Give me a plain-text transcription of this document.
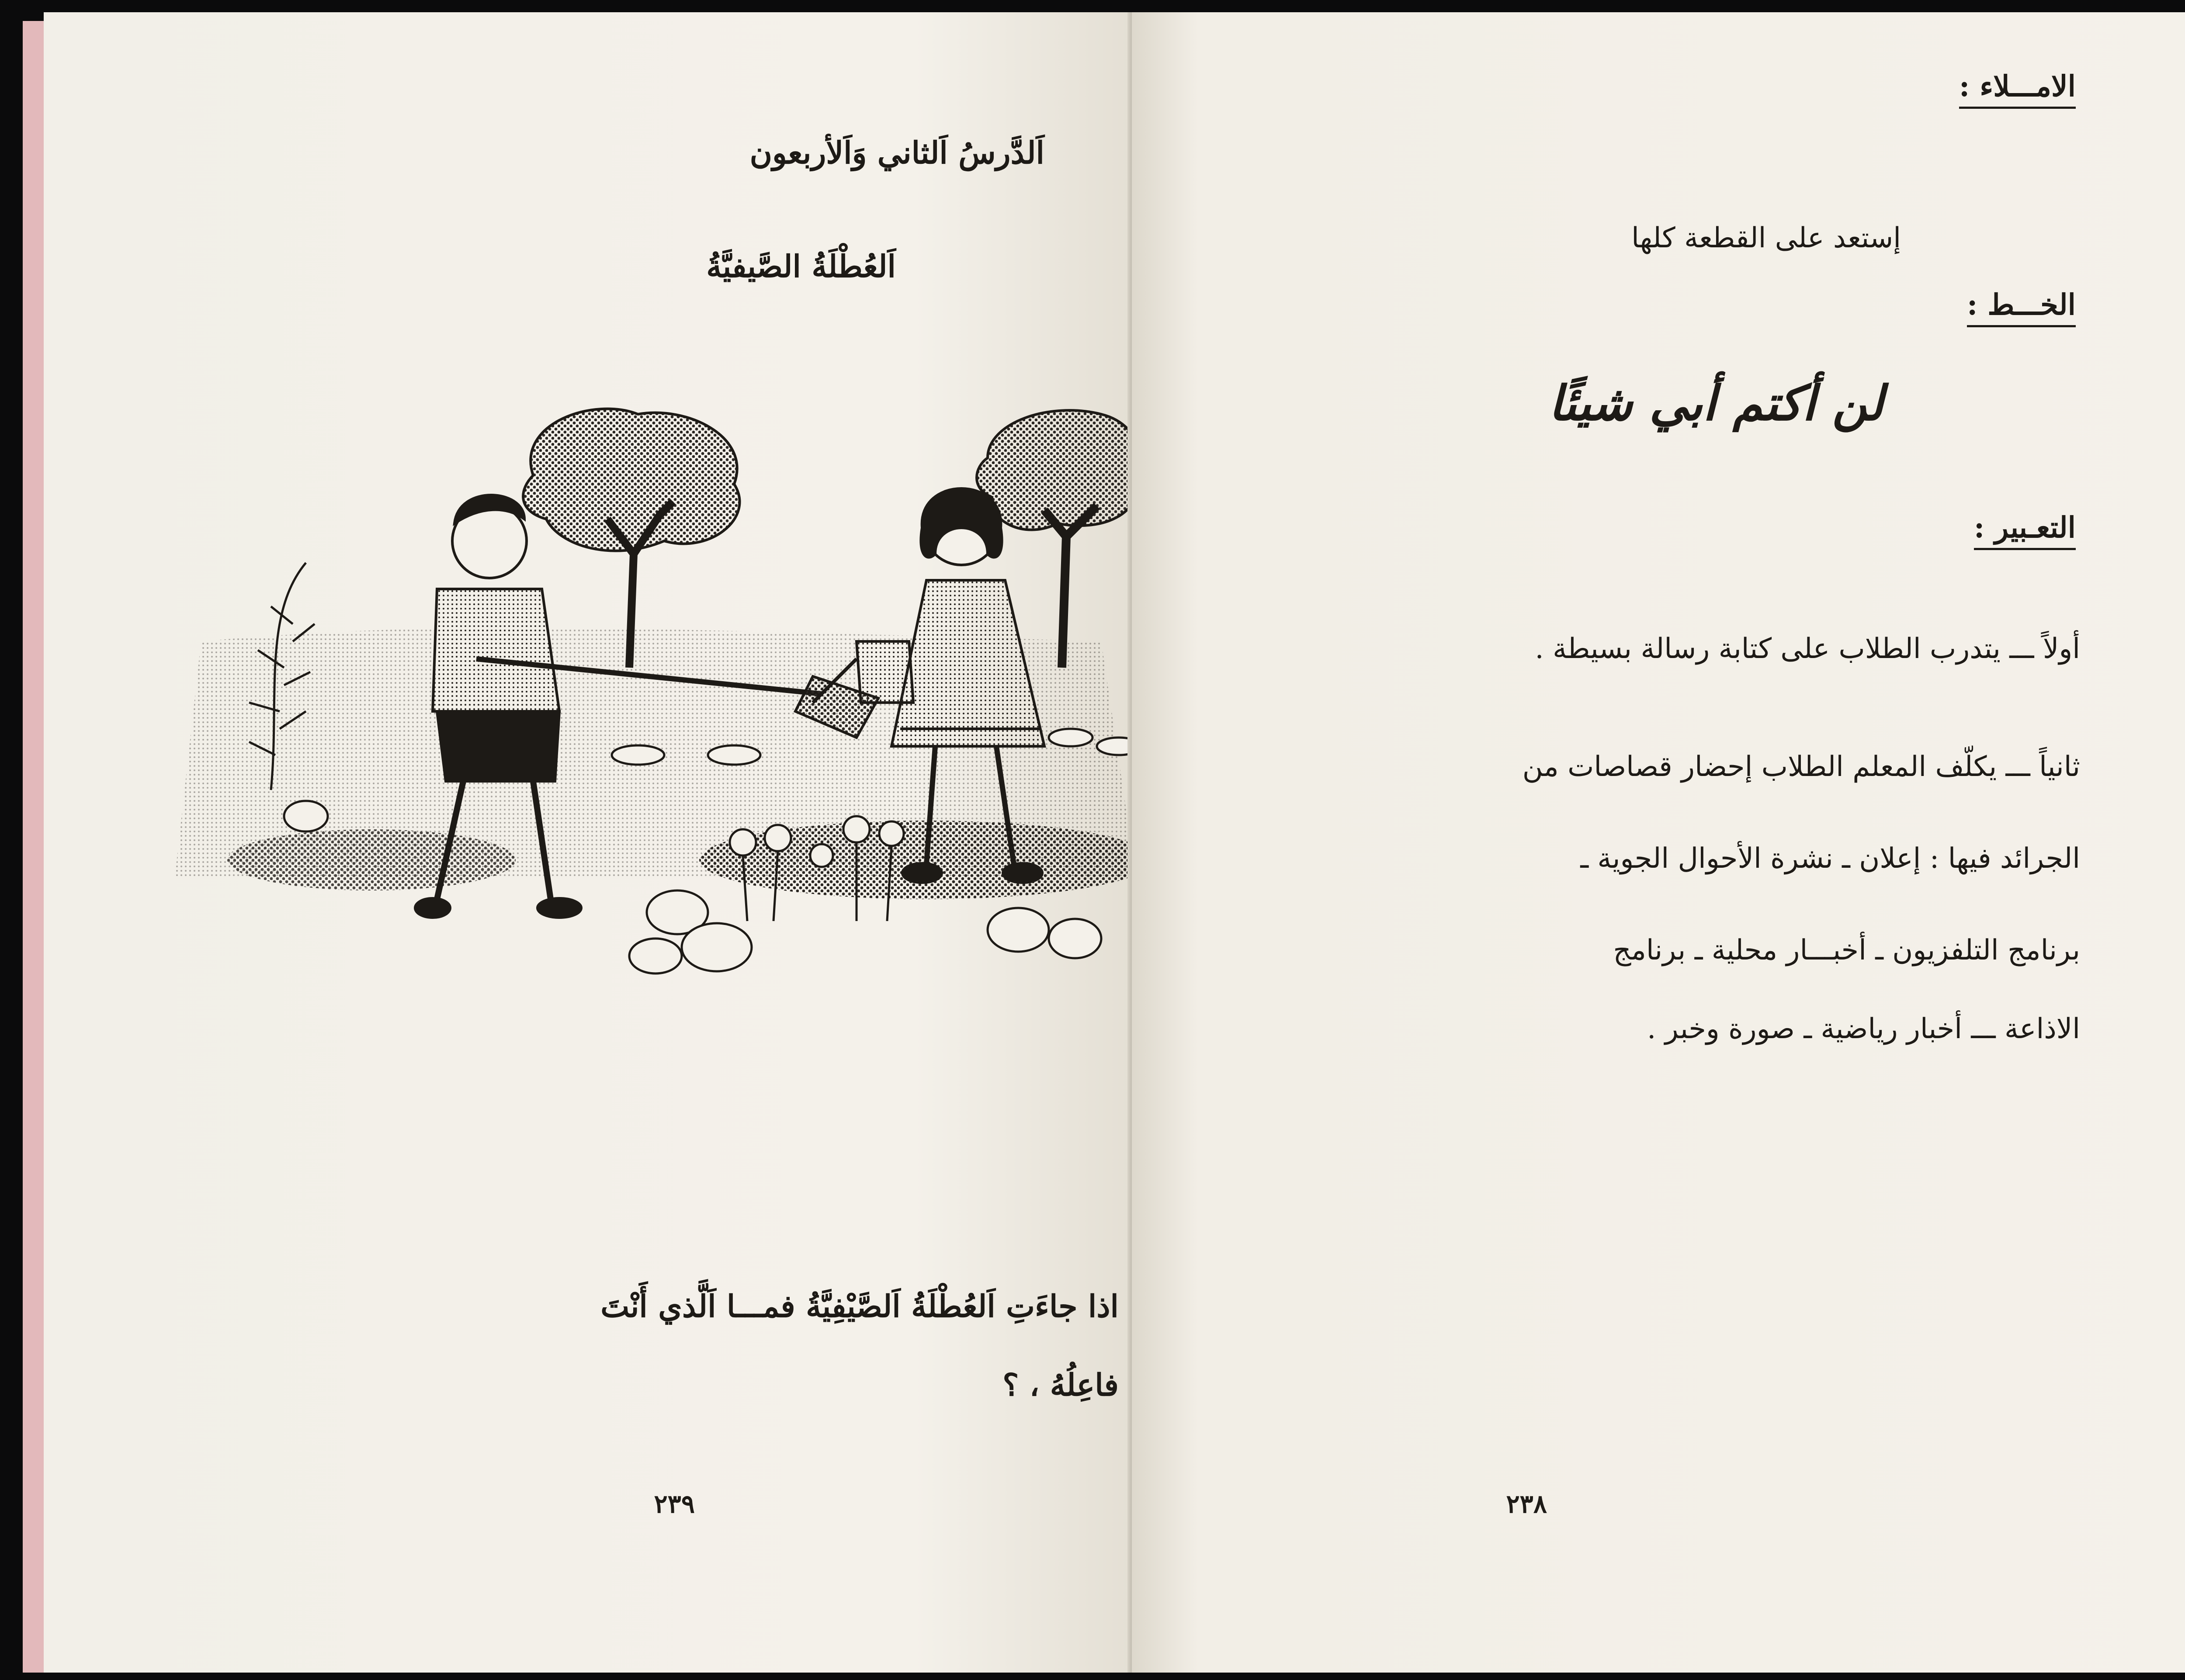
اَلدَّرسُ اَلثاني وَاَلأربعون
اَلعُطْلَةُ الصَّيفيَّةُ
اذا جاءَتِ اَلعُطْلَةُ اَلصَّيْفِيَّةُ فمـــا اَلَّذي أَنْتَ
فاعِلُهُ ، ؟
٢٣٩
الامـــلاء :
إستعد على القطعة كلها
الخـــط :
لن أكتم أبي شيئًا
التعـبير :
أولاً ـــ يتدرب الطلاب على كتابة رسالة بسيطة .
ثانياً ـــ يكلّف المعلم الطلاب إحضار قصاصات من
الجرائد فيها : إعلان ـ نشرة الأحوال الجوية ـ
برنامج التلفزيون ـ أخبـــار محلية ـ برنامج
الاذاعة ـــ أخبار رياضية ـ صورة وخبر .
٢٣٨
